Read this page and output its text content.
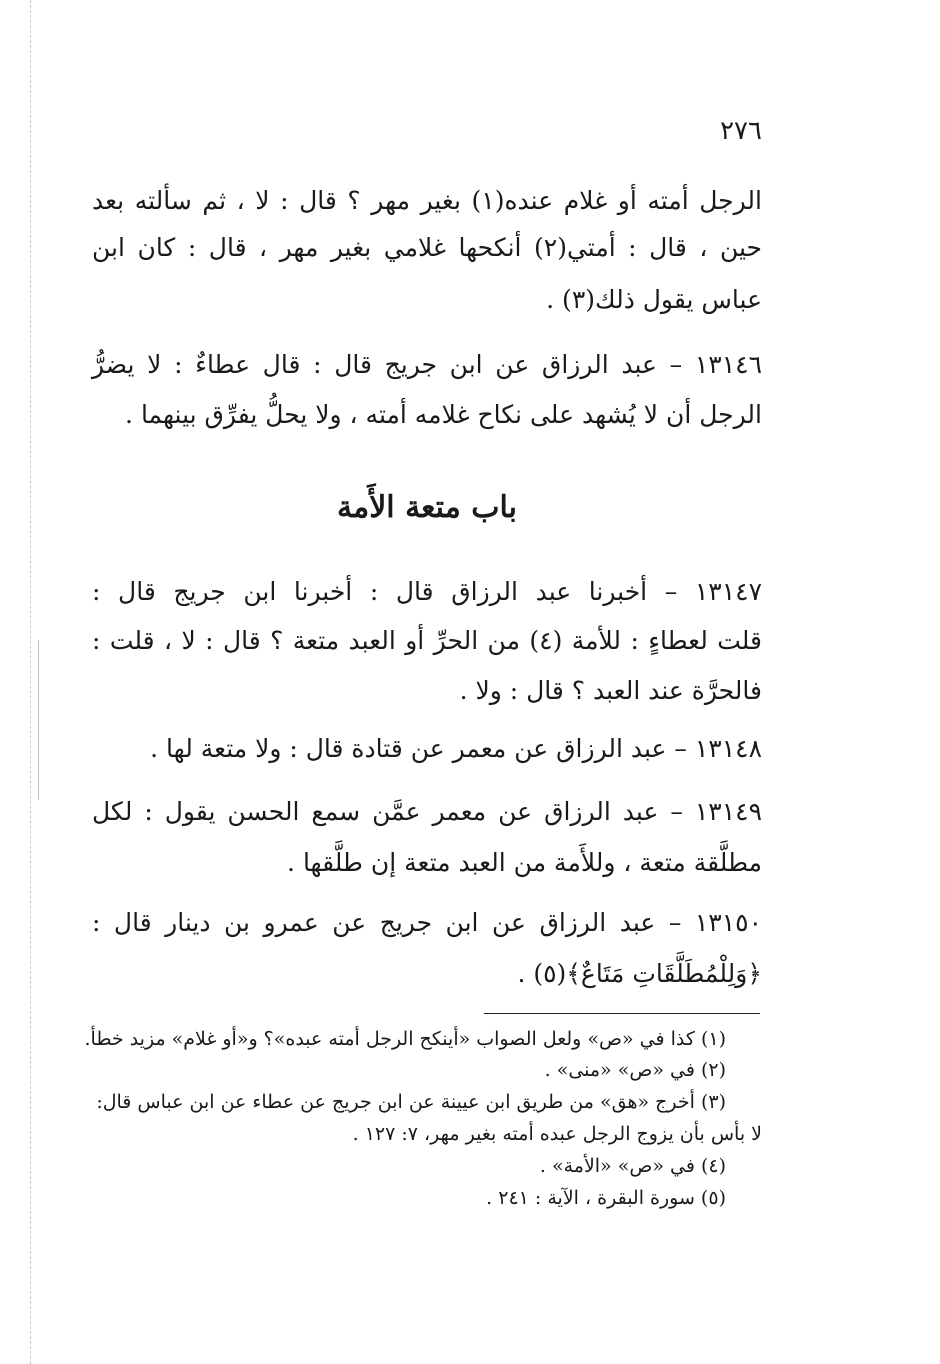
٢٧٦
الرجل أمته أو غلام عنده(١) بغير مهر ؟ قال : لا ، ثم سألته بعد
حين ، قال : أمتي(٢) أنكحها غلامي بغير مهر ، قال : كان ابن
عباس يقول ذلك(٣) .
١٣١٤٦ – عبد الرزاق عن ابن جريج قال : قال عطاءٌ : لا يضرُّ
الرجل أن لا يُشهد على نكاح غلامه أمته ، ولا يحلُّ يفرِّق بينهما .
باب متعة الأَمة
١٣١٤٧ – أخبرنا عبد الرزاق قال : أخبرنا ابن جريج قال :
قلت لعطاءٍ : للأمة (٤) من الحرِّ أو العبد متعة ؟ قال : لا ، قلت :
فالحرَّة عند العبد ؟ قال : ولا .
١٣١٤٨ – عبد الرزاق عن معمر عن قتادة قال : ولا متعة لها .
١٣١٤٩ – عبد الرزاق عن معمر عمَّن سمع الحسن يقول : لكل
مطلَّقة متعة ، وللأَمة من العبد متعة إن طلَّقها .
١٣١٥٠ – عبد الرزاق عن ابن جريج عن عمرو بن دينار قال :
﴿وَلِلْمُطَلَّقَاتِ مَتَاعٌ﴾(٥) .
(١) كذا في «ص» ولعل الصواب «أينكح الرجل أمته عبده»؟ و«أو غلام» مزيد خطأ.
(٢) في «ص» «منى» .
(٣) أخرج «هق» من طريق ابن عيينة عن ابن جريج عن عطاء عن ابن عباس قال:
لا بأس بأن يزوج الرجل عبده أمته بغير مهر، ٧: ١٢٧ .
(٤) في «ص» «الأمة» .
(٥) سورة البقرة ، الآية : ٢٤١ .
